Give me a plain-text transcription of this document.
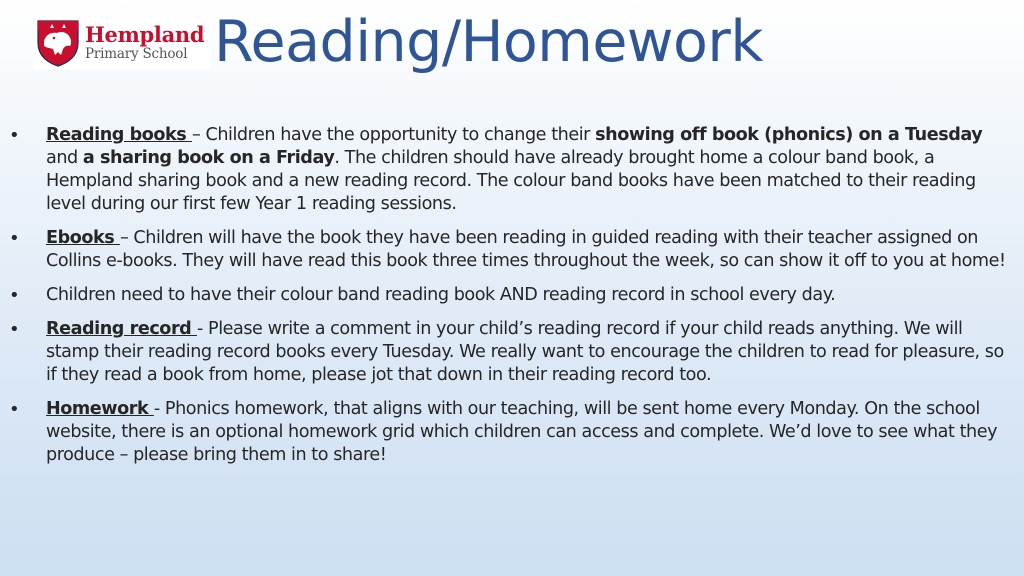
Hempland
Primary School Reading/Homework
•	Reading books – Children have the opportunity to change their showing off book (phonics) on a Tuesday and a sharing book on a Friday. The children should have already brought home a colour band book, a Hempland sharing book and a new reading record. The colour band books have been matched to their reading level during our first few Year 1 reading sessions.
•	Ebooks – Children will have the book they have been reading in guided reading with their teacher assigned on Collins e-books. They will have read this book three times throughout the week, so can show it off to you at home!
•	Children need to have their colour band reading book AND reading record in school every day.
•	Reading record - Please write a comment in your child’s reading record if your child reads anything. We will stamp their reading record books every Tuesday. We really want to encourage the children to read for pleasure, so if they read a book from home, please jot that down in their reading record too.
•	Homework - Phonics homework, that aligns with our teaching, will be sent home every Monday. On the school website, there is an optional homework grid which children can access and complete. We’d love to see what they produce – please bring them in to share!
